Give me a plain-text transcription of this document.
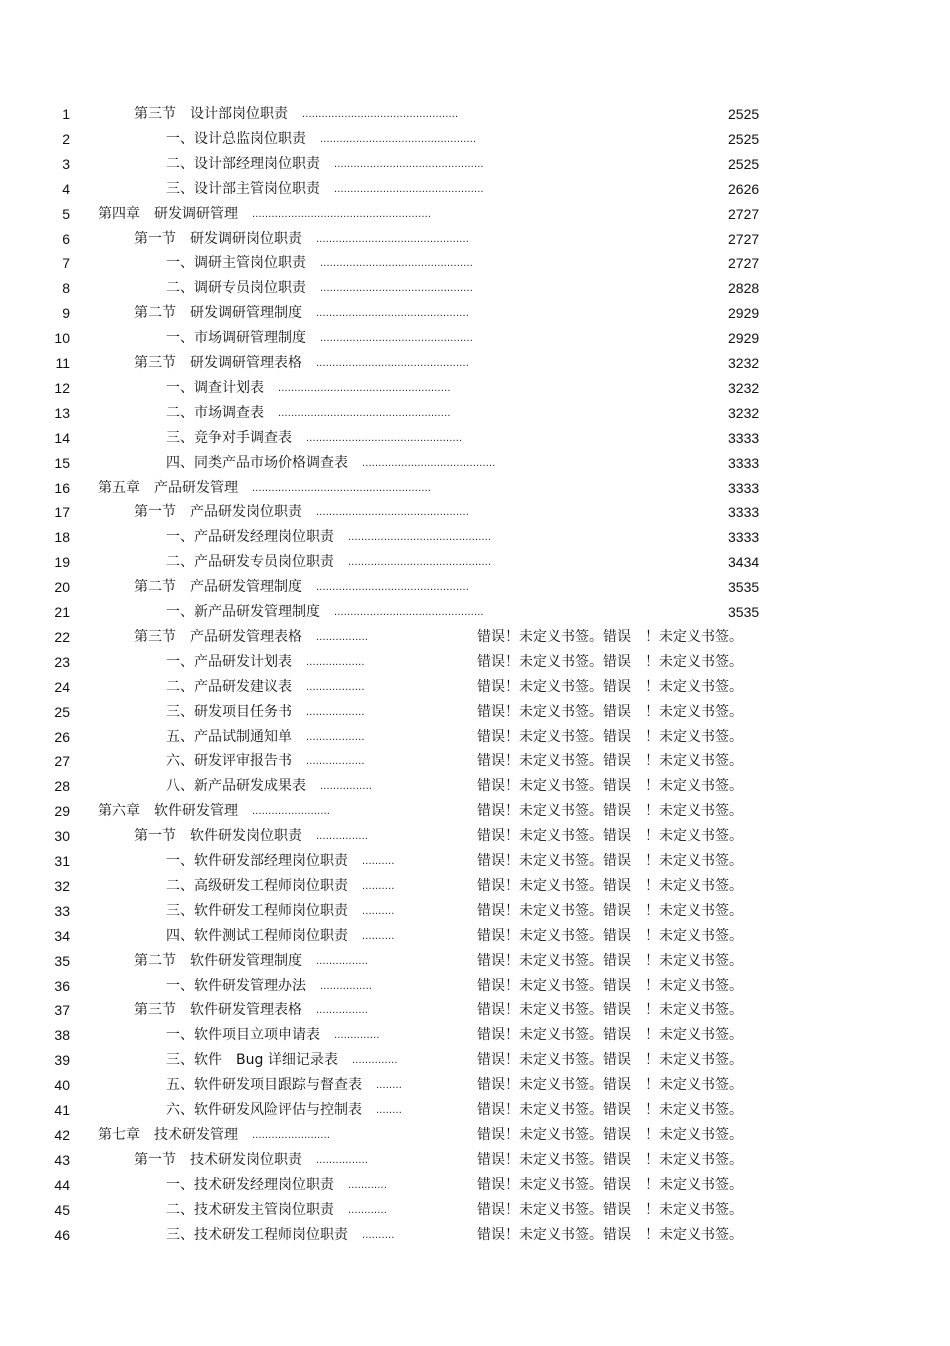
1	第三节　设计部岗位职责 ................................................	2525
2	一、设计总监岗位职责 ................................................	2525
3	二、设计部经理岗位职责 ..............................................	2525
4	三、设计部主管岗位职责 ..............................................	2626
5 第四章　研发调研管理 .......................................................	2727
6	第一节　研发调研岗位职责 ...............................................	2727
7	一、调研主管岗位职责 ...............................................	2727
8	二、调研专员岗位职责 ...............................................	2828
9	第二节　研发调研管理制度 ...............................................	2929
10	一、市场调研管理制度 ...............................................	2929
11	第三节　研发调研管理表格 ...............................................	3232
12	一、调查计划表 .....................................................	3232
13	二、市场调查表 .....................................................	3232
14	三、竞争对手调查表 ................................................	3333
15	四、同类产品市场价格调查表 .........................................	3333
16 第五章　产品研发管理 .......................................................	3333
17	第一节　产品研发岗位职责 ...............................................	3333
18	一、产品研发经理岗位职责 ............................................	3333
19	二、产品研发专员岗位职责 ............................................	3434
20	第二节　产品研发管理制度 ...............................................	3535
21	一、新产品研发管理制度 ..............................................	3535
22	第三节　产品研发管理表格 ................	错误！未定义书签。错误　！未定义书签。
23	一、产品研发计划表 ..................	错误！未定义书签。错误　！未定义书签。
24	二、产品研发建议表 ..................	错误！未定义书签。错误　！未定义书签。
25	三、研发项目任务书 ..................	错误！未定义书签。错误　！未定义书签。
26	五、产品试制通知单 ..................	错误！未定义书签。错误　！未定义书签。
27	六、研发评审报告书 ..................	错误！未定义书签。错误　！未定义书签。
28	八、新产品研发成果表 ................	错误！未定义书签。错误　！未定义书签。
29 第六章　软件研发管理 ........................	错误！未定义书签。错误　！未定义书签。
30	第一节　软件研发岗位职责 ................	错误！未定义书签。错误　！未定义书签。
31	一、软件研发部经理岗位职责 ..........	错误！未定义书签。错误　！未定义书签。
32	二、高级研发工程师岗位职责 ..........	错误！未定义书签。错误　！未定义书签。
33	三、软件研发工程师岗位职责 ..........	错误！未定义书签。错误　！未定义书签。
34	四、软件测试工程师岗位职责 ..........	错误！未定义书签。错误　！未定义书签。
35	第二节　软件研发管理制度 ................	错误！未定义书签。错误　！未定义书签。
36	一、软件研发管理办法 ................	错误！未定义书签。错误　！未定义书签。
37	第三节　软件研发管理表格 ................	错误！未定义书签。错误　！未定义书签。
38	一、软件项目立项申请表 ..............	错误！未定义书签。错误　！未定义书签。
39	三、软件　Bug 详细记录表 ..............	错误！未定义书签。错误　！未定义书签。
40	五、软件研发项目跟踪与督查表 ........	错误！未定义书签。错误　！未定义书签。
41	六、软件研发风险评估与控制表 ........	错误！未定义书签。错误　！未定义书签。
42 第七章　技术研发管理 ........................	错误！未定义书签。错误　！未定义书签。
43	第一节　技术研发岗位职责 ................	错误！未定义书签。错误　！未定义书签。
44	一、技术研发经理岗位职责 ............	错误！未定义书签。错误　！未定义书签。
45	二、技术研发主管岗位职责 ............	错误！未定义书签。错误　！未定义书签。
46	三、技术研发工程师岗位职责 ..........	错误！未定义书签。错误　！未定义书签。
